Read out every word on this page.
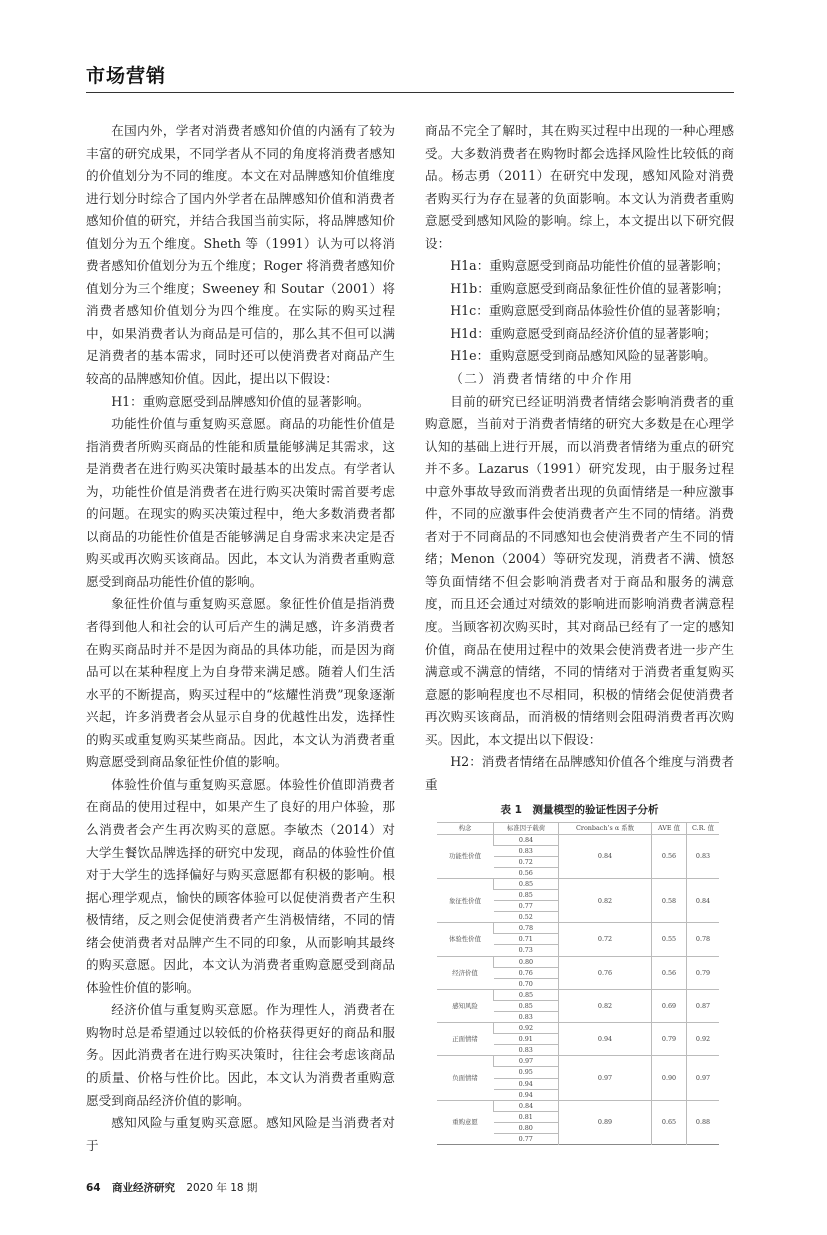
市场营销

在国内外，学者对消费者感知价值的内涵有了较为丰富的研究成果，不同学者从不同的角度将消费者感知的价值划分为不同的维度。本文在对品牌感知价值维度进行划分时综合了国内外学者在品牌感知价值和消费者感知价值的研究，并结合我国当前实际，将品牌感知价值划分为五个维度。Sheth 等（1991）认为可以将消费者感知价值划分为五个维度；Roger 将消费者感知价值划分为三个维度；Sweeney 和 Soutar（2001）将消费者感知价值划分为四个维度。在实际的购买过程中，如果消费者认为商品是可信的，那么其不但可以满足消费者的基本需求，同时还可以使消费者对商品产生较高的品牌感知价值。因此，提出以下假设：

H1：重购意愿受到品牌感知价值的显著影响。

功能性价值与重复购买意愿。商品的功能性价值是指消费者所购买商品的性能和质量能够满足其需求，这是消费者在进行购买决策时最基本的出发点。有学者认为，功能性价值是消费者在进行购买决策时需首要考虑的问题。在现实的购买决策过程中，绝大多数消费者都以商品的功能性价值是否能够满足自身需求来决定是否购买或再次购买该商品。因此，本文认为消费者重购意愿受到商品功能性价值的影响。

象征性价值与重复购买意愿。象征性价值是指消费者得到他人和社会的认可后产生的满足感，许多消费者在购买商品时并不是因为商品的具体功能，而是因为商品可以在某种程度上为自身带来满足感。随着人们生活水平的不断提高，购买过程中的“炫耀性消费”现象逐渐兴起，许多消费者会从显示自身的优越性出发，选择性的购买或重复购买某些商品。因此，本文认为消费者重购意愿受到商品象征性价值的影响。

体验性价值与重复购买意愿。体验性价值即消费者在商品的使用过程中，如果产生了良好的用户体验，那么消费者会产生再次购买的意愿。李敏杰（2014）对大学生餐饮品牌选择的研究中发现，商品的体验性价值对于大学生的选择偏好与购买意愿都有积极的影响。根据心理学观点，愉快的顾客体验可以促使消费者产生积极情绪，反之则会促使消费者产生消极情绪，不同的情绪会使消费者对品牌产生不同的印象，从而影响其最终的购买意愿。因此，本文认为消费者重购意愿受到商品体验性价值的影响。

经济价值与重复购买意愿。作为理性人，消费者在购物时总是希望通过以较低的价格获得更好的商品和服务。因此消费者在进行购买决策时，往往会考虑该商品的质量、价格与性价比。因此，本文认为消费者重购意愿受到商品经济价值的影响。

感知风险与重复购买意愿。感知风险是当消费者对于

商品不完全了解时，其在购买过程中出现的一种心理感受。大多数消费者在购物时都会选择风险性比较低的商品。杨志勇（2011）在研究中发现，感知风险对消费者购买行为存在显著的负面影响。本文认为消费者重购意愿受到感知风险的影响。综上，本文提出以下研究假设：

H1a：重购意愿受到商品功能性价值的显著影响；

H1b：重购意愿受到商品象征性价值的显著影响；

H1c：重购意愿受到商品体验性价值的显著影响；

H1d：重购意愿受到商品经济价值的显著影响；

H1e：重购意愿受到商品感知风险的显著影响。

（二）消费者情绪的中介作用

目前的研究已经证明消费者情绪会影响消费者的重购意愿，当前对于消费者情绪的研究大多数是在心理学认知的基础上进行开展，而以消费者情绪为重点的研究并不多。Lazarus（1991）研究发现，由于服务过程中意外事故导致而消费者出现的负面情绪是一种应激事件，不同的应激事件会使消费者产生不同的情绪。消费者对于不同商品的不同感知也会使消费者产生不同的情绪；Menon（2004）等研究发现，消费者不满、愤怒等负面情绪不但会影响消费者对于商品和服务的满意度，而且还会通过对绩效的影响进而影响消费者满意程度。当顾客初次购买时，其对商品已经有了一定的感知价值，商品在使用过程中的效果会使消费者进一步产生满意或不满意的情绪，不同的情绪对于消费者重复购买意愿的影响程度也不尽相同，积极的情绪会促使消费者再次购买该商品，而消极的情绪则会阻碍消费者再次购买。因此，本文提出以下假设：

H2：消费者情绪在品牌感知价值各个维度与消费者重

表 1　测量模型的验证性因子分析
构念	标准因子载荷	Cronbach’s α 系数	AVE 值	C.R. 值
功能性价值	0.84	0.84	0.56	0.83
	0.83			
	0.72			
	0.56			
象征性价值	0.85	0.82	0.58	0.84
	0.85			
	0.77			
	0.52			
体验性价值	0.78	0.72	0.55	0.78
	0.71			
	0.73			
经济价值	0.80	0.76	0.56	0.79
	0.76			
	0.70			
感知风险	0.85	0.82	0.69	0.87
	0.85			
	0.83			
正面情绪	0.92	0.94	0.79	0.92
	0.91			
	0.83			
负面情绪	0.97	0.97	0.90	0.97
	0.95			
	0.94			
	0.94			
重购意愿	0.84	0.89	0.65	0.88
	0.81			
	0.80			
	0.77			
64 商业经济研究 2020 年 18 期
